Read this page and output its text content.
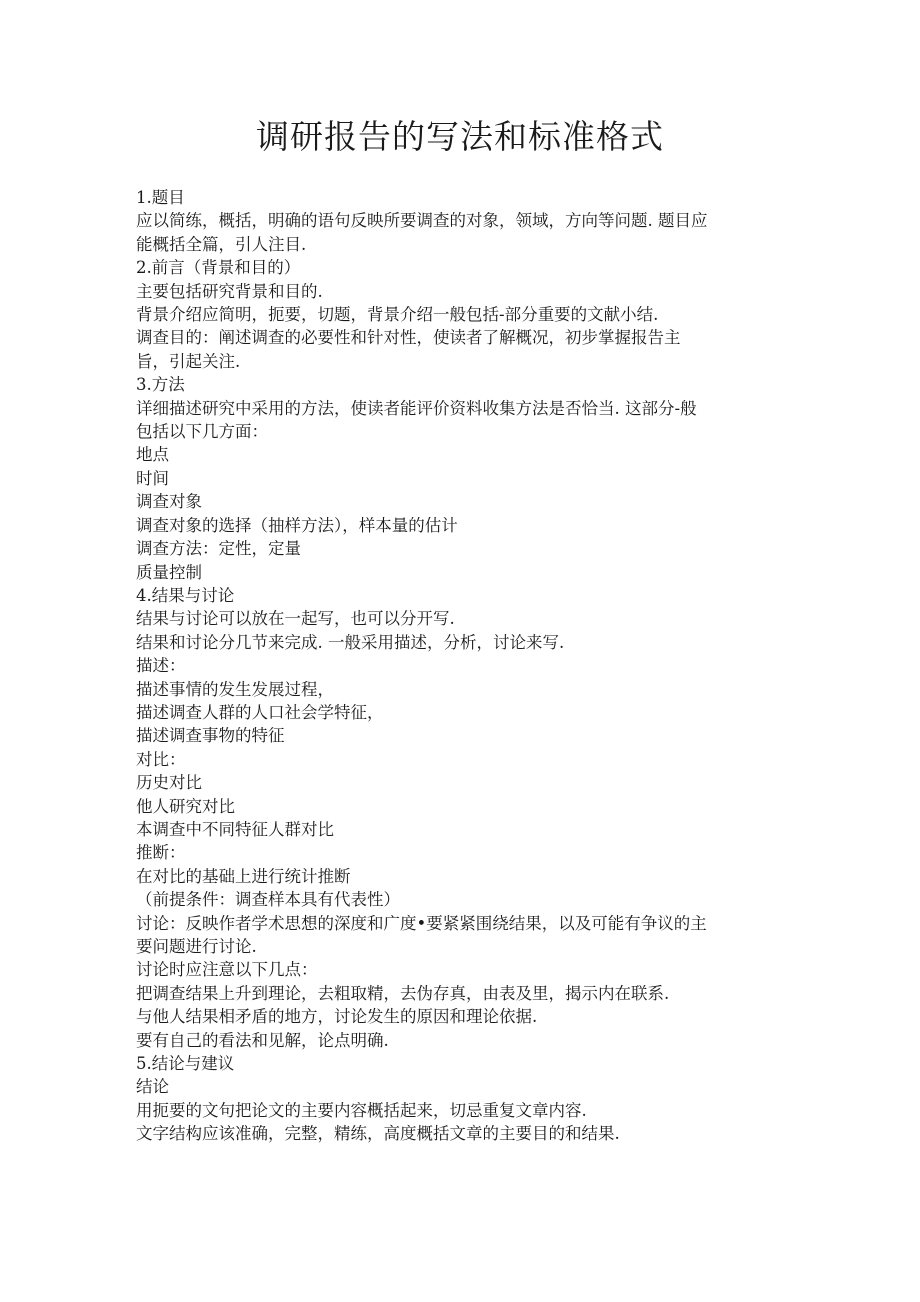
调研报告的写法和标准格式

1.题目

应以简练，概括，明确的语句反映所要调查的对象，领域，方向等问题. 题目应

能概括全篇，引人注目.

2.前言（背景和目的）

主要包括研究背景和目的.

背景介绍应简明，扼要，切题，背景介绍一般包括-部分重要的文献小结.

调查目的：阐述调查的必要性和针对性，使读者了解概况，初步掌握报告主

旨，引起关注.

3.方法

详细描述研究中采用的方法，使读者能评价资料收集方法是否恰当. 这部分-般

包括以下几方面：

地点

时间

调查对象

调查对象的选择（抽样方法），样本量的估计

调查方法：定性，定量

质量控制

4.结果与讨论

结果与讨论可以放在一起写，也可以分开写.

结果和讨论分几节来完成. 一般采用描述，分析，讨论来写.

描述：

描述事情的发生发展过程，

描述调查人群的人口社会学特征，

描述调查事物的特征

对比：

历史对比

他人研究对比

本调查中不同特征人群对比

推断：

在对比的基础上进行统计推断

（前提条件：调查样本具有代表性）

讨论：反映作者学术思想的深度和广度•要紧紧围绕结果，以及可能有争议的主

要问题进行讨论.

讨论时应注意以下几点：

把调查结果上升到理论，去粗取精，去伪存真，由表及里，揭示内在联系.

与他人结果相矛盾的地方，讨论发生的原因和理论依据.

要有自己的看法和见解，论点明确.

5.结论与建议

结论

用扼要的文句把论文的主要内容概括起来，切忌重复文章内容.

文字结构应该准确，完整，精练，高度概括文章的主要目的和结果.
